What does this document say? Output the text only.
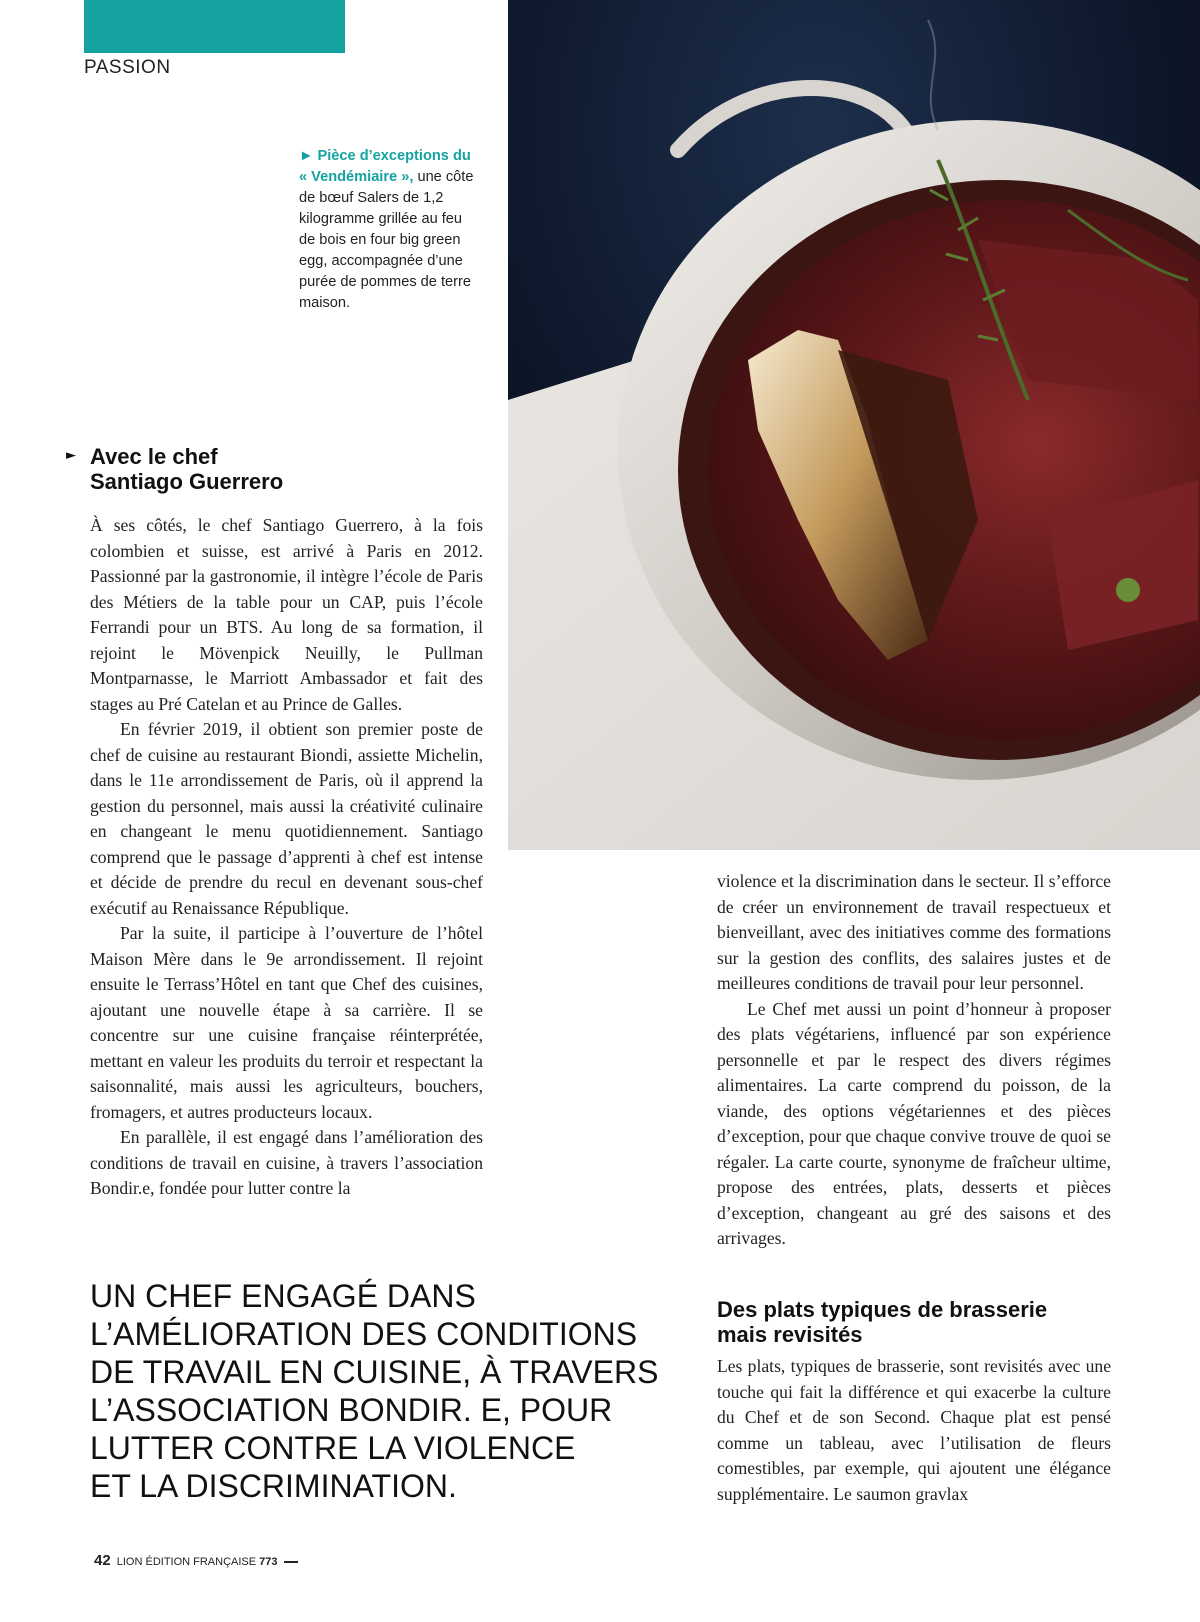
PASSION
► Pièce d’exceptions du « Vendémiaire », une côte de bœuf Salers de 1,2 kilogramme grillée au feu de bois en four big green egg, accompagnée d’une purée de pommes de terre maison.
► Avec le chef
Santiago Guerrero

À ses côtés, le chef Santiago Guerrero, à la fois colombien et suisse, est arrivé à Paris en 2012. Passionné par la gastronomie, il intègre l’école de Paris des Métiers de la table pour un CAP, puis l’école Ferrandi pour un BTS. Au long de sa formation, il rejoint le Mövenpick Neuilly, le Pullman Montparnasse, le Marriott Ambassador et fait des stages au Pré Catelan et au Prince de Galles.

En février 2019, il obtient son premier poste de chef de cuisine au restaurant Biondi, assiette Michelin, dans le 11e arrondissement de Paris, où il apprend la gestion du personnel, mais aussi la créativité culinaire en changeant le menu quotidiennement. Santiago comprend que le passage d’apprenti à chef est intense et décide de prendre du recul en devenant sous-chef exécutif au Renaissance République.

Par la suite, il participe à l’ouverture de l’hôtel Maison Mère dans le 9e arrondissement. Il rejoint ensuite le Terrass’Hôtel en tant que Chef des cuisines, ajoutant une nouvelle étape à sa carrière. Il se concentre sur une cuisine française réinterprétée, mettant en valeur les produits du terroir et respectant la saisonnalité, mais aussi les agriculteurs, bouchers, fromagers, et autres producteurs locaux.

En parallèle, il est engagé dans l’amélioration des conditions de travail en cuisine, à travers l’association Bondir.e, fondée pour lutter contre la

violence et la discrimination dans le secteur. Il s’efforce de créer un environnement de travail respectueux et bienveillant, avec des initiatives comme des formations sur la gestion des conflits, des salaires justes et de meilleures conditions de travail pour leur personnel.

Le Chef met aussi un point d’honneur à proposer des plats végétariens, influencé par son expérience personnelle et par le respect des divers régimes alimentaires. La carte comprend du poisson, de la viande, des options végétariennes et des pièces d’exception, pour que chaque convive trouve de quoi se régaler. La carte courte, synonyme de fraîcheur ultime, propose des entrées, plats, desserts et pièces d’exception, changeant au gré des saisons et des arrivages.

Des plats typiques de brasserie
mais revisités

Les plats, typiques de brasserie, sont revisités avec une touche qui fait la différence et qui exacerbe la culture du Chef et de son Second. Chaque plat est pensé comme un tableau, avec l’utilisation de fleurs comestibles, par exemple, qui ajoutent une élégance supplémentaire. Le saumon gravlax

UN CHEF ENGAGÉ DANS
L’AMÉLIORATION DES CONDITIONS
DE TRAVAIL EN CUISINE, À TRAVERS
L’ASSOCIATION BONDIR. E, POUR
LUTTER CONTRE LA VIOLENCE
ET LA DISCRIMINATION.
42 LION ÉDITION FRANÇAISE 773
